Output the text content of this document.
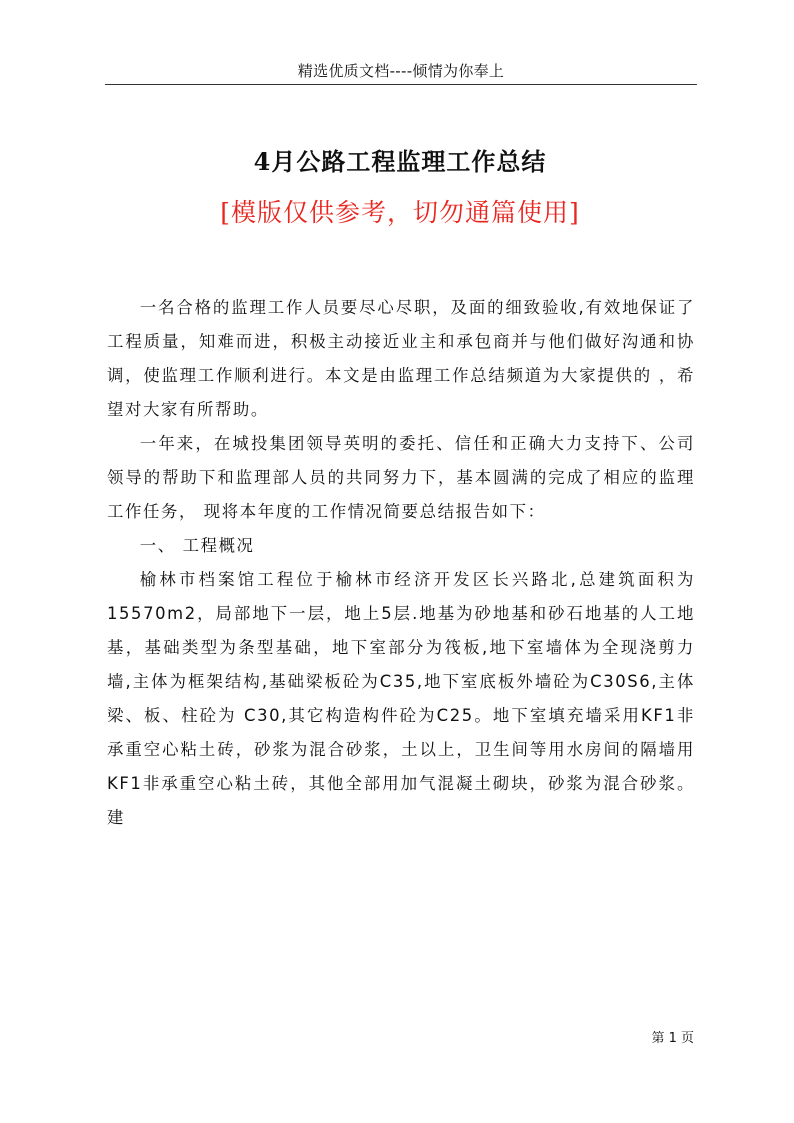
精选优质文档----倾情为你奉上
4月公路工程监理工作总结
[模版仅供参考，切勿通篇使用]

一名合格的监理工作人员要尽心尽职，及面的细致验收,有效地保证了工程质量，知难而进，积极主动接近业主和承包商并与他们做好沟通和协调，使监理工作顺利进行。本文是由监理工作总结频道为大家提供的 ，希望对大家有所帮助。

一年来，在城投集团领导英明的委托、信任和正确大力支持下、公司领导的帮助下和监理部人员的共同努力下，基本圆满的完成了相应的监理工作任务， 现将本年度的工作情况简要总结报告如下：

一、 工程概况

榆林市档案馆工程位于榆林市经济开发区长兴路北,总建筑面积为15570m2，局部地下一层，地上5层.地基为砂地基和砂石地基的人工地基，基础类型为条型基础，地下室部分为筏板,地下室墙体为全现浇剪力墙,主体为框架结构,基础梁板砼为C35,地下室底板外墙砼为C30S6,主体梁、板、柱砼为 C30,其它构造构件砼为C25。地下室填充墙采用KF1非承重空心粘土砖，砂浆为混合砂浆，土以上，卫生间等用水房间的隔墙用 KF1非承重空心粘土砖，其他全部用加气混凝土砌块，砂浆为混合砂浆。建

第 1 页
